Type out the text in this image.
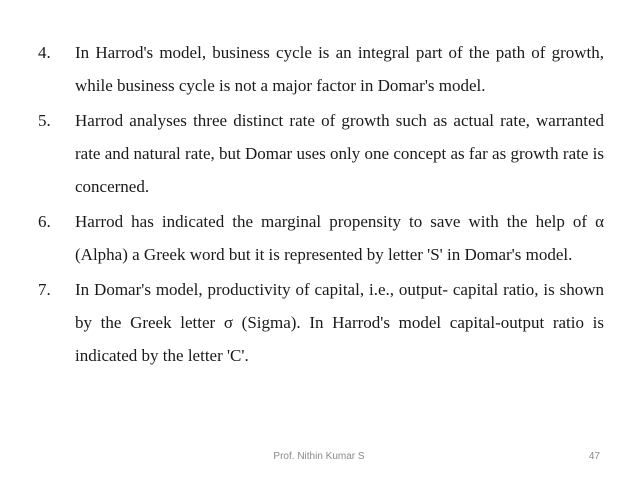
4.	In Harrod's model, business cycle is an integral part of the path of growth, while business cycle is not a major factor in Domar's model.
5.	Harrod analyses three distinct rate of growth such as actual rate, warranted rate and natural rate, but Domar uses only one concept as far as growth rate is concerned.
6.	Harrod has indicated the marginal propensity to save with the help of α (Alpha) a Greek word but it is represented by letter 'S' in Domar's model.
7.	In Domar's model, productivity of capital, i.e., output- capital ratio, is shown by the Greek letter σ (Sigma). In Harrod's model capital-output ratio is indicated by the letter 'C'.
Prof. Nithin Kumar S	47
